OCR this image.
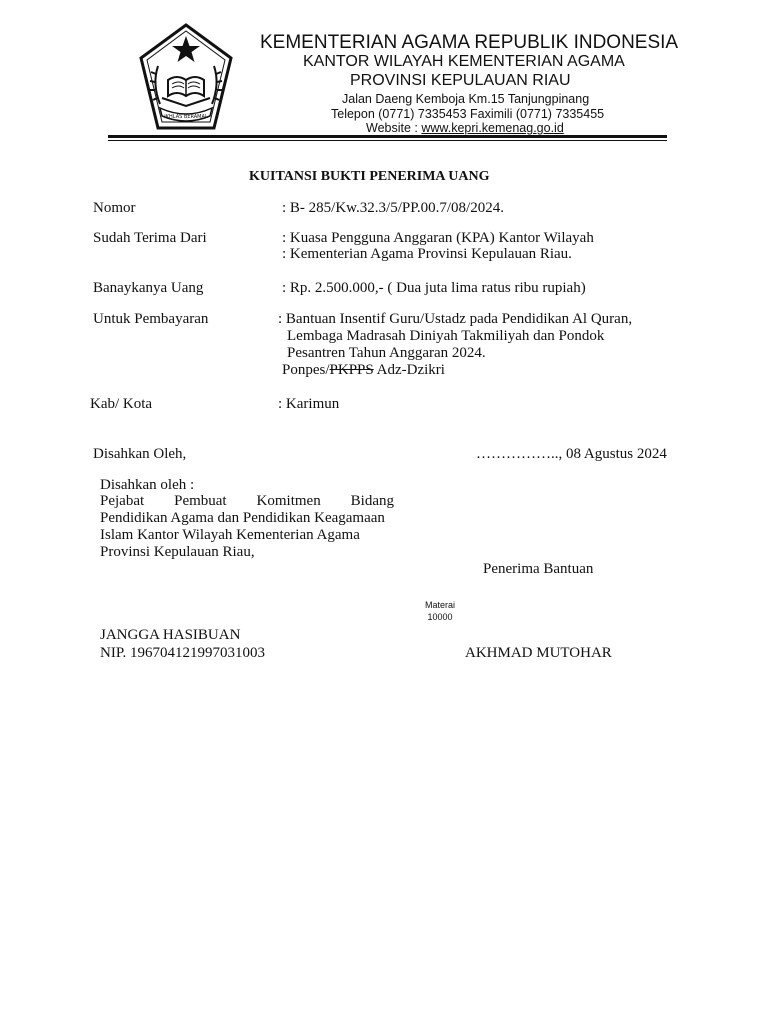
IKHLAS BERAMAL
KEMENTERIAN AGAMA REPUBLIK INDONESIA
KANTOR WILAYAH KEMENTERIAN AGAMA
PROVINSI KEPULAUAN RIAU
Jalan Daeng Kemboja Km.15 Tanjungpinang
Telepon (0771) 7335453 Faximili (0771) 7335455
Website : www.kepri.kemenag.go.id
KUITANSI BUKTI PENERIMA UANG
Nomor	: B- 285/Kw.32.3/5/PP.00.7/08/2024.
Sudah Terima Dari	: Kuasa Pengguna Anggaran (KPA) Kantor Wilayah
: Kementerian Agama Provinsi Kepulauan Riau.
Banaykanya Uang	: Rp. 2.500.000,- ( Dua juta lima ratus ribu rupiah)
Untuk Pembayaran	: Bantuan Insentif Guru/Ustadz pada Pendidikan Al Quran,
Lembaga Madrasah Diniyah Takmiliyah dan Pondok
Pesantren Tahun Anggaran 2024.
Ponpes/PKPPS Adz-Dzikri
Kab/ Kota	: Karimun
Disahkan Oleh,	…………….., 08 Agustus 2024
Disahkan oleh :
Pejabat Pembuat Komitmen Bidang
Pendidikan Agama dan Pendidikan Keagamaan
Islam Kantor Wilayah Kementerian Agama
Provinsi Kepulauan Riau,
Penerima Bantuan
Materai
10000
JANGGA HASIBUAN
NIP. 196704121997031003	AKHMAD MUTOHAR
